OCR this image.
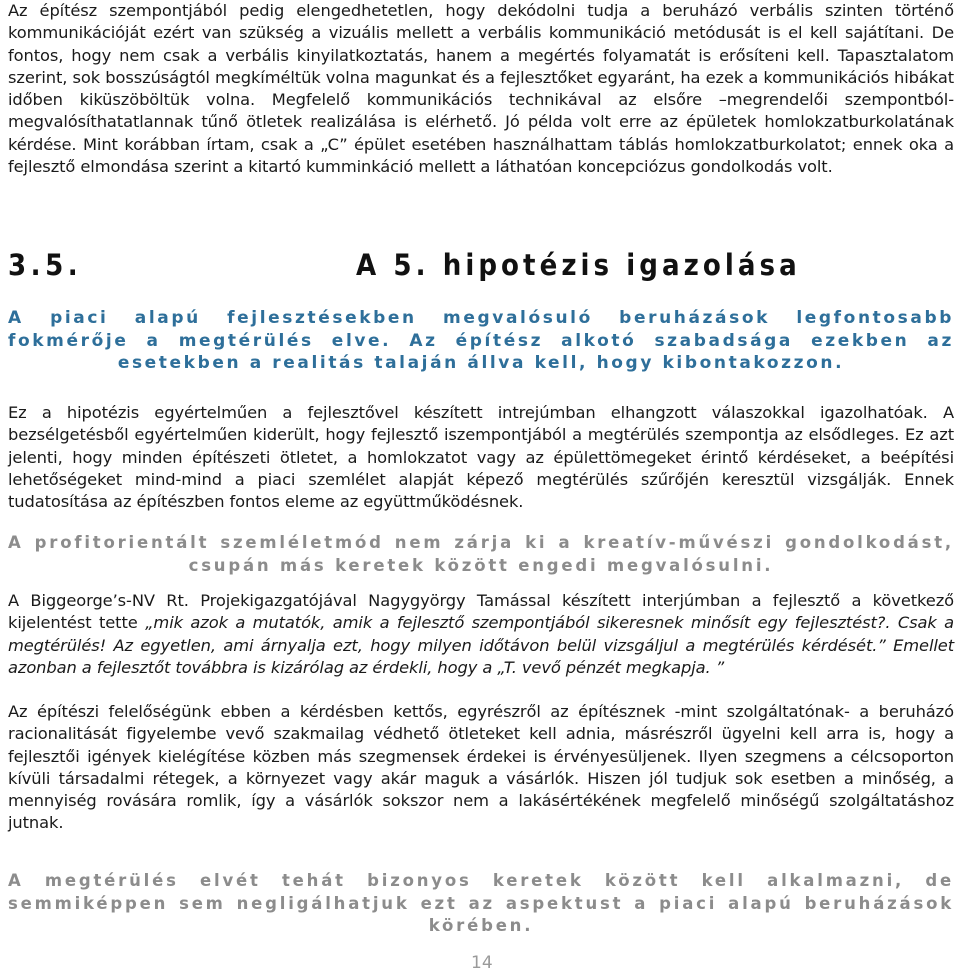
Az építész szempontjából pedig elengedhetetlen, hogy dekódolni tudja a beruházó verbális szinten történő kommunikációját ezért van szükség a vizuális mellett a verbális kommunikáció metódusát is el kell sajátítani. De fontos, hogy nem csak a verbális kinyilatkoztatás, hanem a megértés folyamatát is erősíteni kell. Tapasztalatom szerint, sok bosszúságtól megkíméltük volna magunkat és a fejlesztőket egyaránt, ha ezek a kommunikációs hibákat időben kiküszöböltük volna. Megfelelő kommunikációs technikával az elsőre –megrendelői szempontból- megvalósíthatatlannak tűnő ötletek realizálása is elérhető. Jó példa volt erre az épületek homlokzatburkolatának kérdése. Mint korábban írtam, csak a „C” épület esetében használhattam táblás homlokzatburkolatot; ennek oka a fejlesztő elmondása szerint a kitartó kumminkáció mellett a láthatóan koncepciózus gondolkodás volt.

3.5.	A 5. hipotézis igazolása

A piaci alapú fejlesztésekben megvalósuló beruházások legfontosabb fokmérője a megtérülés elve. Az építész alkotó szabadsága ezekben az esetekben a realitás talaján állva kell, hogy kibontakozzon.

Ez a hipotézis egyértelműen a fejlesztővel készített intrejúmban elhangzott válaszokkal igazolhatóak. A bezsélgetésből egyértelműen kiderült, hogy fejlesztő iszempontjából a megtérülés szempontja az elsődleges. Ez azt jelenti, hogy minden építészeti ötletet, a homlokzatot vagy az épülettömegeket érintő kérdéseket, a beépítési lehetőségeket mind-mind a piaci szemlélet alapját képező megtérülés szűrőjén keresztül vizsgálják. Ennek tudatosítása az építészben fontos eleme az együttműködésnek.

A profitorientált szemléletmód nem zárja ki a kreatív-művészi gondolkodást, csupán más keretek között engedi megvalósulni.

A Biggeorge’s-NV Rt. Projekigazgatójával Nagygyörgy Tamással készített interjúmban a fejlesztő a következő kijelentést tette „mik azok a mutatók, amik a fejlesztő szempontjából sikeresnek minősít egy fejlesztést?. Csak a megtérülés! Az egyetlen, ami árnyalja ezt, hogy milyen időtávon belül vizsgáljul a megtérülés kérdését.” Emellet azonban a fejlesztőt továbbra is kizárólag az érdekli, hogy a „T. vevő pénzét megkapja. ”

Az építészi felelőségünk ebben a kérdésben kettős, egyrészről az építésznek -mint szolgáltatónak- a beruházó racionalitását figyelembe vevő szakmailag védhető ötleteket kell adnia, másrészről ügyelni kell arra is, hogy a fejlesztői igények kielégítése közben más szegmensek érdekei is érvényesüljenek. Ilyen szegmens a célcsoporton kívüli társadalmi rétegek, a környezet vagy akár maguk a vásárlók. Hiszen jól tudjuk sok esetben a minőség, a mennyiség rovására romlik, így a vásárlók sokszor nem a lakásértékének megfelelő minőségű szolgáltatáshoz jutnak.

A megtérülés elvét tehát bizonyos keretek között kell alkalmazni, de semmiképpen sem negligálhatjuk ezt az aspektust a piaci alapú beruházások körében.

14
